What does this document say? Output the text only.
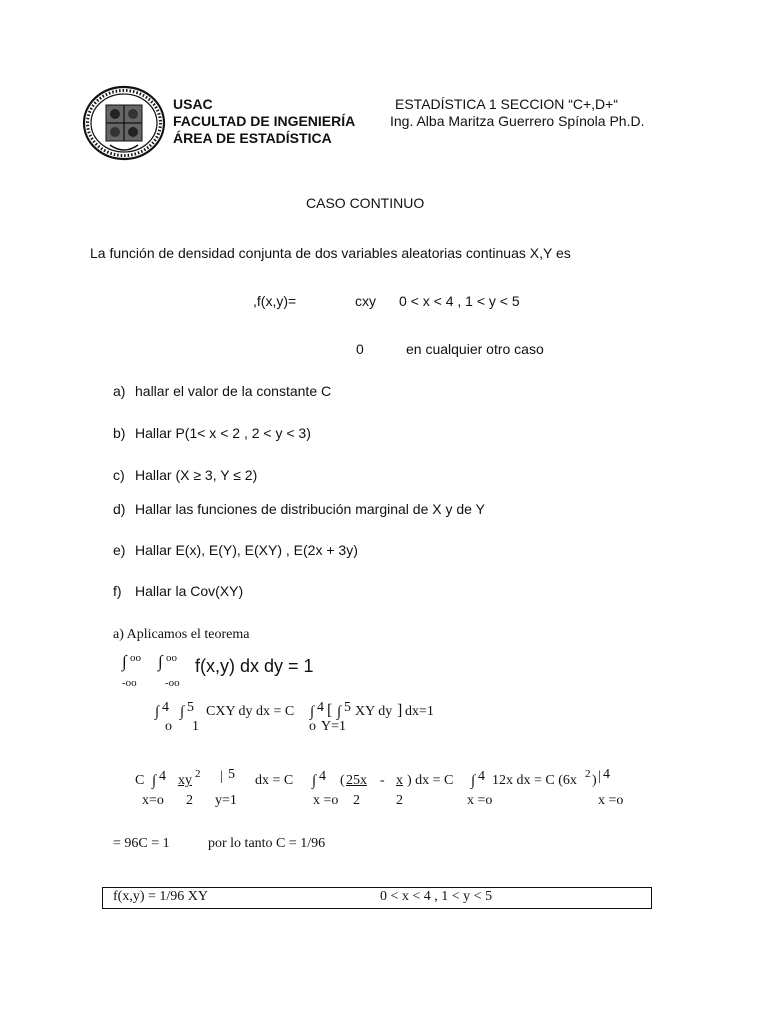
USAC
FACULTAD DE INGENIERÍA
ÁREA DE ESTADÍSTICA
ESTADÍSTICA 1 SECCION “C+,D+“
Ing. Alba Maritza Guerrero Spínola Ph.D.
CASO CONTINUO
La función de densidad conjunta de dos variables aleatorias continuas X,Y es
,f(x,y)=	cxy 0 < x < 4 , 1 < y < 5
0	en cualquier otro caso
a) hallar el valor de la constante C
b) Hallar P(1< x < 2 , 2 < y < 3)
c) Hallar (X ≥ 3, Y ≤ 2)
d) Hallar las funciones de distribución marginal de X y de Y
e) Hallar E(x), E(Y), E(XY) , E(2x + 3y)
f) Hallar la Cov(XY)
a) Aplicamos el teorema
∫ oo
-oo
∫ oo
-oo
f(x,y) dx dy = 1
∫ 4
o
∫ 5
1
CXY dy dx = C ∫ 4
o
[ ∫ 5
Y=1
XY dy ] dx=1
C ∫ 4
x=o
xy 2
2
| 5
y=1
dx = C ∫ 4
x =o
( 25x
2
- x
2
) dx = C ∫ 4
x =o
12x dx = C (6x 2 ) | 4
x =o
= 96C = 1	por lo tanto C = 1/96
f(x,y) = 1/96 XY	0 < x < 4 , 1 < y < 5
